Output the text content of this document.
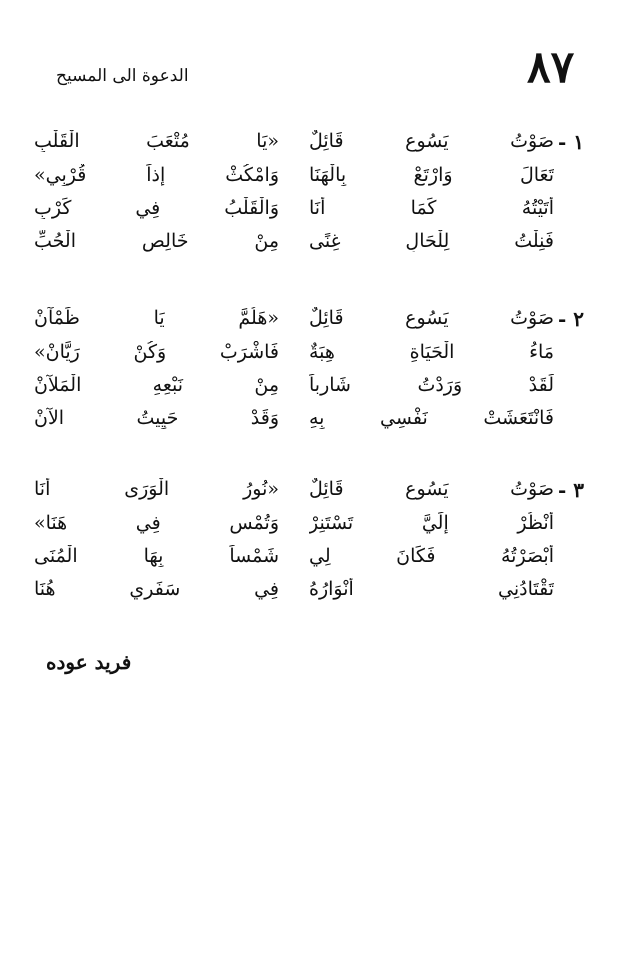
٨٧
الدعوة الى المسيح
١ -
صَوْتُ يَسُوعٍ قَائِلٌ
«يَا مُتْعَبَ الْقَلْبِ
تَعَالَ وَارْتَعْ بِالْهَنَا
وَامْكُثْ إِذاً قُرْبِي»
أَتَيْتُهُ كَمَا أَنَا
وَالْقَلْبُ فِي كَرْبِ
فَنِلْتُ لِلْحَالِ غِنًى
مِنْ خَالِصِ الْحُبِّ
٢ -
صَوْتُ يَسُوعٍ قَائِلٌ
«هَلُمَّ يَا ظَمْآنْ
مَاءُ الْحَيَاةِ هِبَةٌ
فَاشْرَبْ وَكُنْ رَيَّانْ»
لَقَدْ وَرَدْتُ شَارِباً
مِنْ نَبْعِهِ الْمَلآنْ
فَانْتَعَشَتْ نَفْسِي بِهِ
وَقَدْ حَيِيتُ الآنْ
٣ -
صَوْتُ يَسُوعٍ قَائِلٌ
«نُورُ الْوَرَى أَنَا
أُنْظُرْ إِلَيَّ تَسْتَنِرْ
وَتُمْسِ فِي هَنَا»
أَبْصَرْتُهُ فَكَانَ لِي
شَمْساً بِهَا الْمُنَى
تَقْتَادُنِي أَنْوَارُهُ
فِي سَفَرِي هُنَا
فريد عوده
